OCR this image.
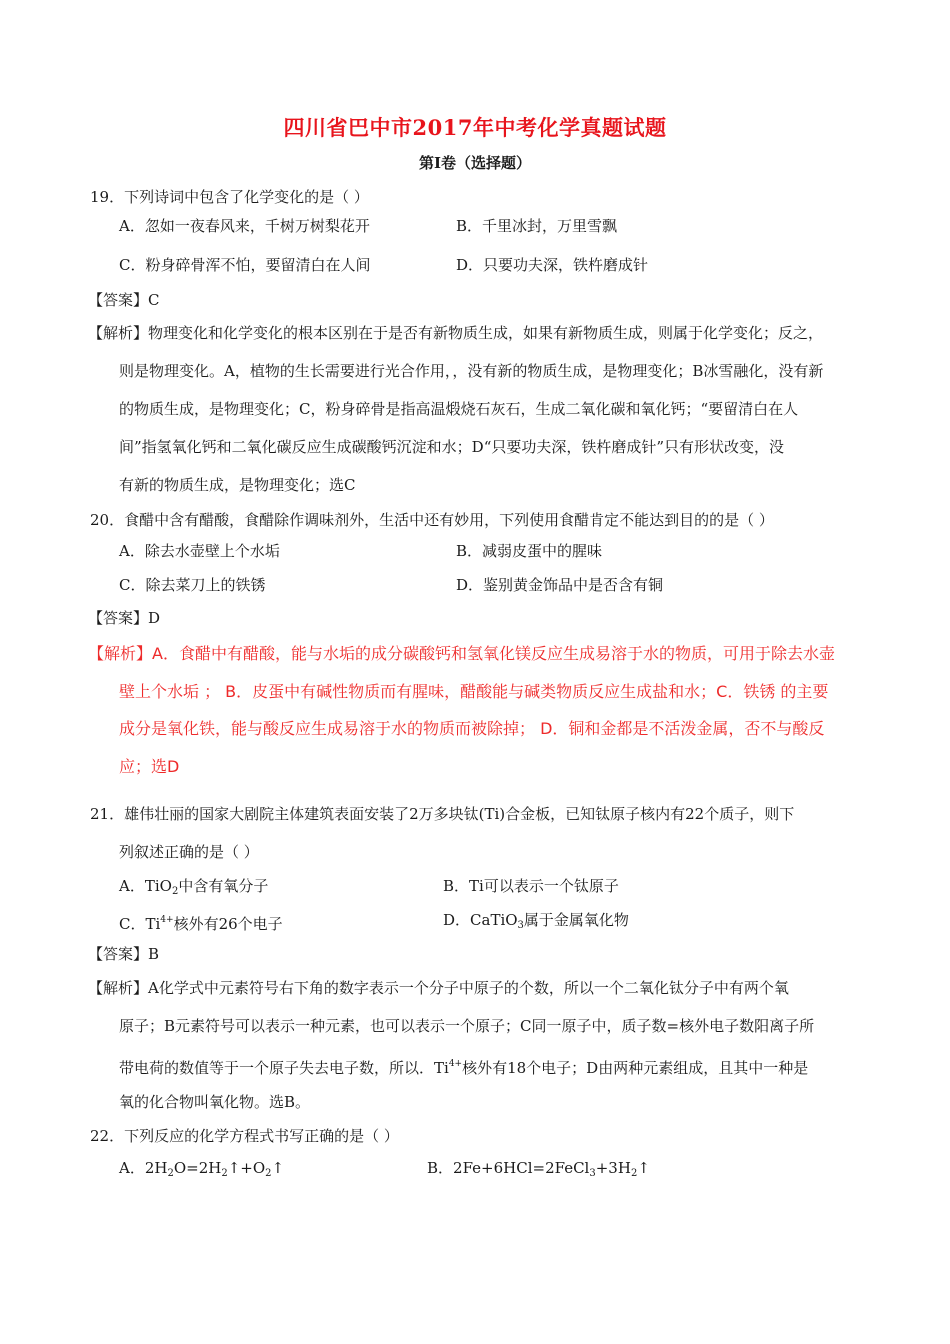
四川省巴中市2017年中考化学真题试题
第Ⅰ卷（选择题）
19．下列诗词中包含了化学变化的是（ ）
A．忽如一夜春风来，千树万树梨花开	B．千里冰封，万里雪飘
C．粉身碎骨浑不怕，要留清白在人间	D．只要功夫深，铁杵磨成针
【答案】C
【解析】物理变化和化学变化的根本区别在于是否有新物质生成，如果有新物质生成，则属于化学变化；反之，
则是物理变化。A，植物的生长需要进行光合作用，，没有新的物质生成，是物理变化；B冰雪融化，没有新
的物质生成，是物理变化；C，粉身碎骨是指高温煅烧石灰石，生成二氧化碳和氧化钙；“要留清白在人
间”指氢氧化钙和二氧化碳反应生成碳酸钙沉淀和水；D“只要功夫深，铁杵磨成针”只有形状改变，没
有新的物质生成，是物理变化；选C
20．食醋中含有醋酸，食醋除作调味剂外，生活中还有妙用，下列使用食醋肯定不能达到目的的是（ ）
A．除去水壶壁上个水垢	B．减弱皮蛋中的腥味
C．除去菜刀上的铁锈	D．鉴别黄金饰品中是否含有铜
【答案】D
【解析】A．食醋中有醋酸，能与水垢的成分碳酸钙和氢氧化镁反应生成易溶于水的物质，可用于除去水壶
壁上个水垢 ； B．皮蛋中有碱性物质而有腥味，醋酸能与碱类物质反应生成盐和水；C．铁锈 的主要
成分是氧化铁，能与酸反应生成易溶于水的物质而被除掉； D．铜和金都是不活泼金属，否不与酸反
应；选D
21．雄伟壮丽的国家大剧院主体建筑表面安装了2万多块钛(Ti)合金板，已知钛原子核内有22个质子，则下
列叙述正确的是（ ）
A．TiO$_2$中含有氧分子	B．Ti可以表示一个钛原子
C．$Ti^{4+}$核外有26个电子	D．CaTiO$_3$属于金属氧化物
【答案】B
【解析】A化学式中元素符号右下角的数字表示一个分子中原子的个数，所以一个二氧化钛分子中有两个氧
原子；B元素符号可以表示一种元素，也可以表示一个原子；C同一原子中，质子数=核外电子数阳离子所
带电荷的数值等于一个原子失去电子数，所以．$Ti^{4+}$核外有18个电子；D由两种元素组成，且其中一种是
氧的化合物叫氧化物。选B。
22．下列反应的化学方程式书写正确的是（ ）
A．$2H_2O=2H_2↑+O_2↑$	B．$2Fe+6HCl=2FeCl_3+3H_2↑$
